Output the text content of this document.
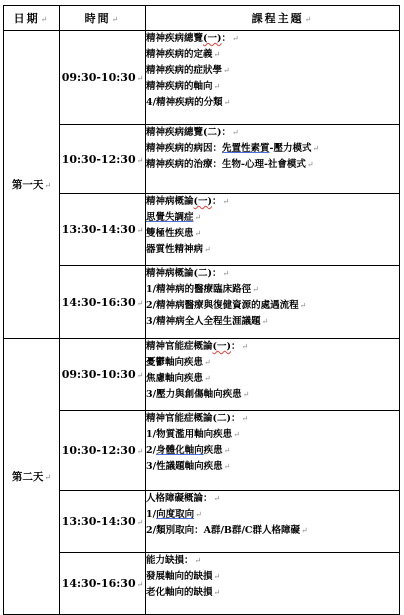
日期↵	時間↵	課程主題↵
第一天↵	09:30-10:30↵	精神疾病總覽(一)：↵
精神疾病的定義↵
精神疾病的症狀學↵
精神疾病的軸向↵
4/精神疾病的分類↵

	10:30-12:30↵	精神疾病總覽(二)：↵
精神疾病的病因：先置性素質-壓力模式↵
精神疾病的治療：生物-心理-社會模式↵

	13:30-14:30↵	精神病概論(一)：↵
思覺失調症↵
雙極性疾患↵
器質性精神病↵

	14:30-16:30↵	精神病概論(二)：↵
1/精神病的醫療臨床路徑↵
2/精神病醫療與復健資源的處遇流程↵
3/精神病全人全程生涯議題↵

第二天↵	09:30-10:30↵	精神官能症概論(一)：↵
憂鬱軸向疾患↵
焦慮軸向疾患↵
3/壓力與創傷軸向疾患↵

	10:30-12:30↵	精神官能症概論(二)：↵
1/物質濫用軸向疾患↵
2/身體化軸向疾患↵
3/性議題軸向疾患↵

	13:30-14:30↵	人格障礙概論：↵
1/向度取向↵
2/類別取向：A群/B群/C群人格障礙↵

	14:30-16:30↵	能力缺損：↵
發展軸向的缺損↵
老化軸向的缺損↵
